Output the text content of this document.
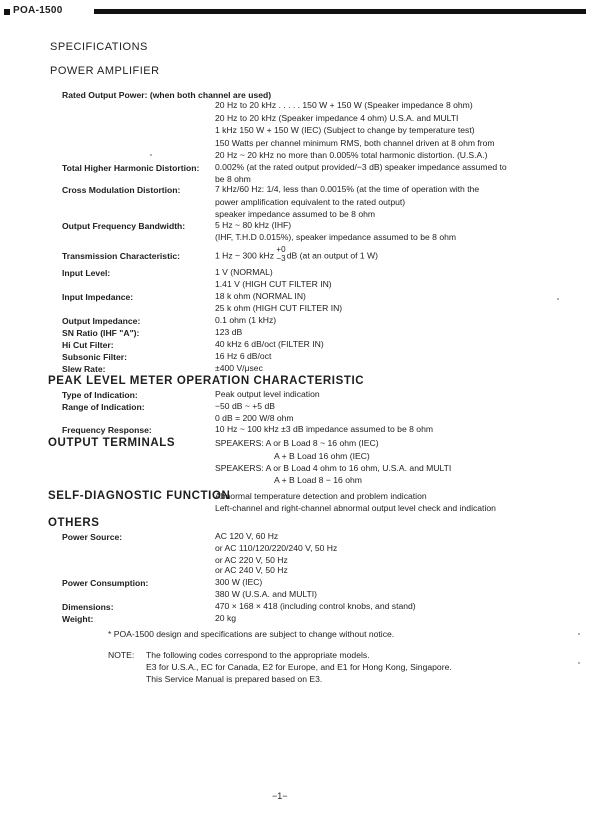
POA-1500
SPECIFICATIONS
POWER AMPLIFIER
Rated Output Power: (when both channel are used)
20 Hz to 20 kHz . . . . . 150 W + 150 W (Speaker impedance 8 ohm)
20 Hz to 20 kHz (Speaker impedance 4 ohm) U.S.A. and MULTI
1 kHz 150 W + 150 W (IEC) (Subject to change by temperature test)
150 Watts per channel minimum RMS, both channel driven at 8 ohm from
20 Hz ~ 20 kHz no more than 0.005% total harmonic distortion. (U.S.A.)
Total Higher Harmonic Distortion: 0.002% (at the rated output provided/−3 dB) speaker impedance assumed to
be 8 ohm
Cross Modulation Distortion:	7 kHz/60 Hz: 1/4, less than 0.0015% (at the time of operation with the
power amplification equivalent to the rated output)
speaker impedance assumed to be 8 ohm
Output Frequency Bandwidth:	5 Hz ~ 80 kHz (IHF)
(IHF, T.H.D 0.015%), speaker impedance assumed to be 8 ohm
Transmission Characteristic:	1 Hz ~ 300 kHz
+0
−3 dB (at an output of 1 W)
Input Level:	1 V (NORMAL)
1.41 V (HIGH CUT FILTER IN)
Input Impedance:	18 k ohm (NORMAL IN)
25 k ohm (HIGH CUT FILTER IN)
Output Impedance:	0.1 ohm (1 kHz)
SN Ratio (IHF "A"):	123 dB
Hi Cut Filter:	40 kHz 6 dB/oct (FILTER IN)
Subsonic Filter:	16 Hz 6 dB/oct
Slew Rate:	±400 V/μsec
PEAK LEVEL METER OPERATION CHARACTERISTIC
Type of Indication:	Peak output level indication
Range of Indication:	−50 dB ~ +5 dB
0 dB = 200 W/8 ohm
Frequency Response:	10 Hz ~ 100 kHz ±3 dB impedance assumed to be 8 ohm
OUTPUT TERMINALS	SPEAKERS: A or B Load 8 ~ 16 ohm (IEC)
A + B Load 16 ohm (IEC)
SPEAKERS: A or B Load 4 ohm to 16 ohm, U.S.A. and MULTI
A + B Load 8 − 16 ohm
SELF-DIAGNOSTIC FUNCTION
Abnormal temperature detection and problem indication
Left-channel and right-channel abnormal output level check and indication
OTHERS
Power Source:	AC 120 V, 60 Hz
or AC 110/120/220/240 V, 50 Hz
or AC 220 V, 50 Hz
or AC 240 V, 50 Hz
Power Consumption:	300 W (IEC)
380 W (U.S.A. and MULTI)
Dimensions:	470 × 168 × 418 (including control knobs, and stand)
Weight:	20 kg
* POA-1500 design and specifications are subject to change without notice.
NOTE: The following codes correspond to the appropriate models.
E3 for U.S.A., EC for Canada, E2 for Europe, and E1 for Hong Kong, Singapore.
This Service Manual is prepared based on E3.
−1−
